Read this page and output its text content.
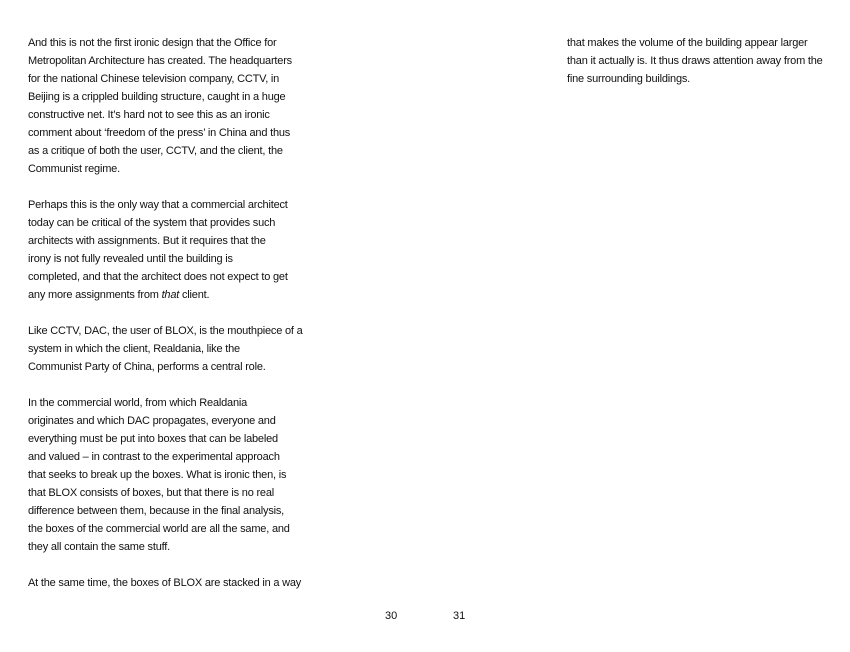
And this is not the first ironic design that the Office for
Metropolitan Architecture has created. The headquarters
for the national Chinese television company, CCTV, in
Beijing is a crippled building structure, caught in a huge
constructive net. It’s hard not to see this as an ironic
comment about ‘freedom of the press’ in China and thus
as a critique of both the user, CCTV, and the client, the
Communist regime.

Perhaps this is the only way that a commercial architect
today can be critical of the system that provides such
architects with assignments. But it requires that the
irony is not fully revealed until the building is
completed, and that the architect does not expect to get
any more assignments from that client.

Like CCTV, DAC, the user of BLOX, is the mouthpiece of a
system in which the client, Realdania, like the
Communist Party of China, performs a central role.

In the commercial world, from which Realdania
originates and which DAC propagates, everyone and
everything must be put into boxes that can be labeled
and valued – in contrast to the experimental approach
that seeks to break up the boxes. What is ironic then, is
that BLOX consists of boxes, but that there is no real
difference between them, because in the final analysis,
the boxes of the commercial world are all the same, and
they all contain the same stuff.

At the same time, the boxes of BLOX are stacked in a way

30

that makes the volume of the building appear larger
than it actually is. It thus draws attention away from the
fine surrounding buildings.

31
